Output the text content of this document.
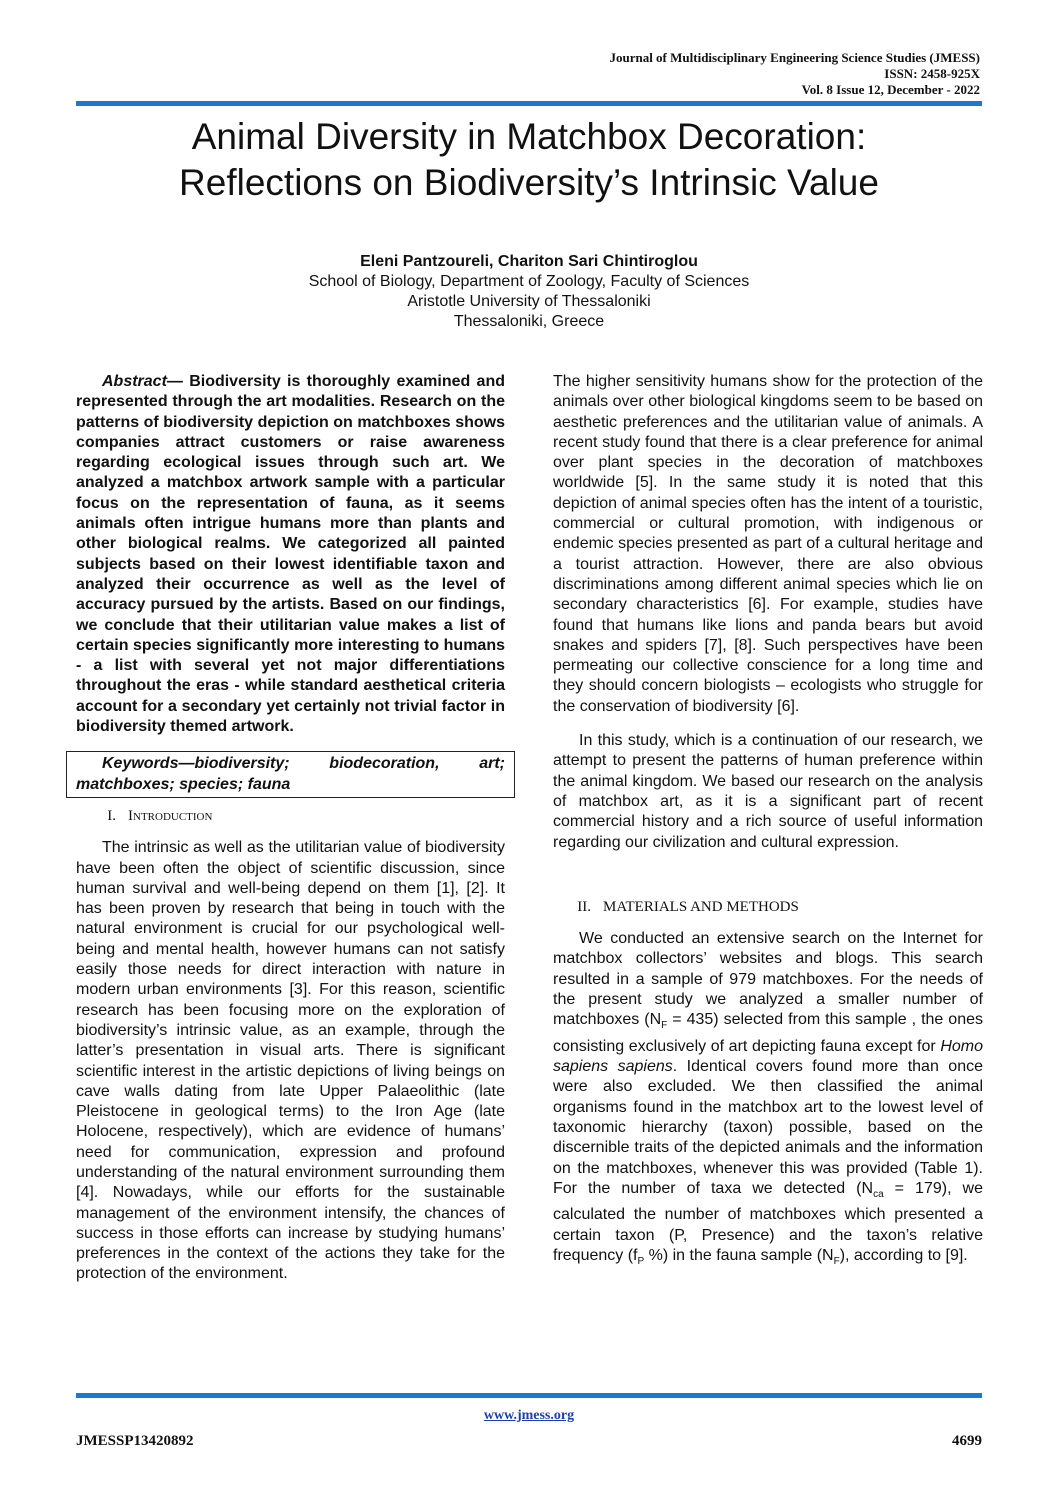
Journal of Multidisciplinary Engineering Science Studies (JMESS)
ISSN: 2458-925X
Vol. 8 Issue 12, December - 2022
Animal Diversity in Matchbox Decoration:
Reflections on Biodiversity’s Intrinsic Value
Eleni Pantzoureli, Chariton Sari Chintiroglou
School of Biology, Department of Zoology, Faculty of Sciences
Aristotle University of Thessaloniki
Thessaloniki, Greece

Abstract— Biodiversity is thoroughly examined and represented through the art modalities. Research on the patterns of biodiversity depiction on matchboxes shows companies attract customers or raise awareness regarding ecological issues through such art. We analyzed a matchbox artwork sample with a particular focus on the representation of fauna, as it seems animals often intrigue humans more than plants and other biological realms. We categorized all painted subjects based on their lowest identifiable taxon and analyzed their occurrence as well as the level of accuracy pursued by the artists. Based on our findings, we conclude that their utilitarian value makes a list of certain species significantly more interesting to humans - a list with several yet not major differentiations throughout the eras - while standard aesthetical criteria account for a secondary yet certainly not trivial factor in biodiversity themed artwork.

Keywords—biodiversity; biodecoration, art; matchboxes; species; fauna
I. Introduction

The intrinsic as well as the utilitarian value of biodiversity have been often the object of scientific discussion, since human survival and well-being depend on them [1], [2]. It has been proven by research that being in touch with the natural environment is crucial for our psychological well-being and mental health, however humans can not satisfy easily those needs for direct interaction with nature in modern urban environments [3]. For this reason, scientific research has been focusing more on the exploration of biodiversity’s intrinsic value, as an example, through the latter’s presentation in visual arts. There is significant scientific interest in the artistic depictions of living beings on cave walls dating from late Upper Palaeolithic (late Pleistocene in geological terms) to the Iron Age (late Holocene, respectively), which are evidence of humans’ need for communication, expression and profound understanding of the natural environment surrounding them [4]. Nowadays, while our efforts for the sustainable management of the environment intensify, the chances of success in those efforts can increase by studying humans’ preferences in the context of the actions they take for the protection of the environment.

The higher sensitivity humans show for the protection of the animals over other biological kingdoms seem to be based on aesthetic preferences and the utilitarian value of animals. A recent study found that there is a clear preference for animal over plant species in the decoration of matchboxes worldwide [5]. In the same study it is noted that this depiction of animal species often has the intent of a touristic, commercial or cultural promotion, with indigenous or endemic species presented as part of a cultural heritage and a tourist attraction. However, there are also obvious discriminations among different animal species which lie on secondary characteristics [6]. For example, studies have found that humans like lions and panda bears but avoid snakes and spiders [7], [8]. Such perspectives have been permeating our collective conscience for a long time and they should concern biologists – ecologists who struggle for the conservation of biodiversity [6].

In this study, which is a continuation of our research, we attempt to present the patterns of human preference within the animal kingdom. We based our research on the analysis of matchbox art, as it is a significant part of recent commercial history and a rich source of useful information regarding our civilization and cultural expression.

II. MATERIALS AND METHODS

We conducted an extensive search on the Internet for matchbox collectors’ websites and blogs. This search resulted in a sample of 979 matchboxes. For the needs of the present study we analyzed a smaller number of matchboxes $(N_F = 435)$ selected from this sample , the ones consisting exclusively of art depicting fauna except for Homo sapiens sapiens. Identical covers found more than once were also excluded. We then classified the animal organisms found in the matchbox art to the lowest level of taxonomic hierarchy (taxon) possible, based on the discernible traits of the depicted animals and the information on the matchboxes, whenever this was provided (Table 1). For the number of taxa we detected $(N_{ca} = 179)$, we calculated the number of matchboxes which presented a certain taxon (P, Presence) and the taxon’s relative frequency ($f_P$ %) in the fauna sample $(N_F)$, according to [9].

www.jmess.org
JMESSP13420892	4699
